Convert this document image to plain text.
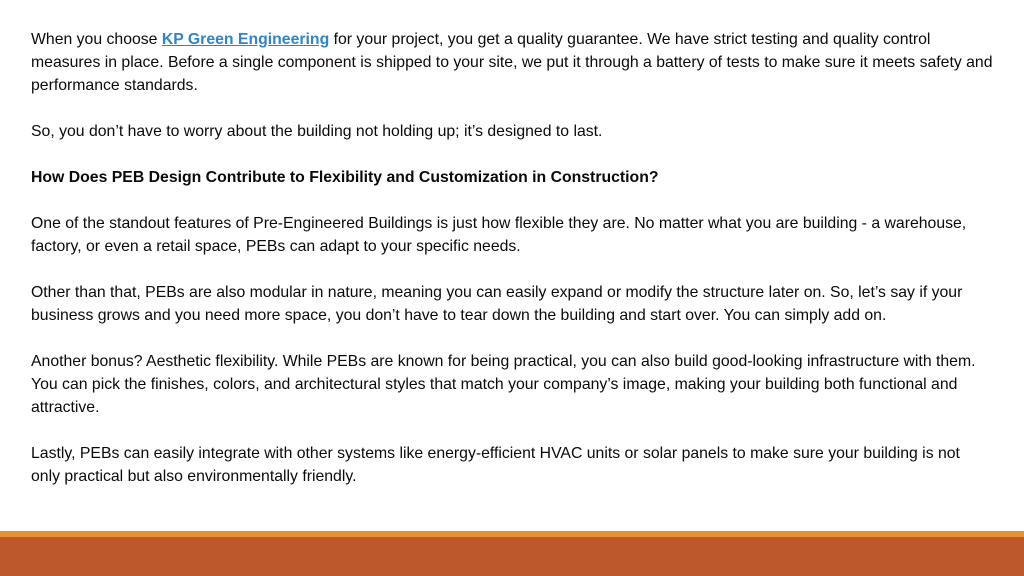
When you choose KP Green Engineering for your project, you get a quality guarantee. We have strict testing and quality control measures in place. Before a single component is shipped to your site, we put it through a battery of tests to make sure it meets safety and performance standards.

So, you don’t have to worry about the building not holding up; it’s designed to last.

How Does PEB Design Contribute to Flexibility and Customization in Construction?

One of the standout features of Pre-Engineered Buildings is just how flexible they are. No matter what you are building - a warehouse, factory, or even a retail space, PEBs can adapt to your specific needs.

Other than that, PEBs are also modular in nature, meaning you can easily expand or modify the structure later on. So, let’s say if your business grows and you need more space, you don’t have to tear down the building and start over. You can simply add on.

Another bonus? Aesthetic flexibility. While PEBs are known for being practical, you can also build good-looking infrastructure with them. You can pick the finishes, colors, and architectural styles that match your company’s image, making your building both functional and attractive.

Lastly, PEBs can easily integrate with other systems like energy-efficient HVAC units or solar panels to make sure your building is not only practical but also environmentally friendly.
